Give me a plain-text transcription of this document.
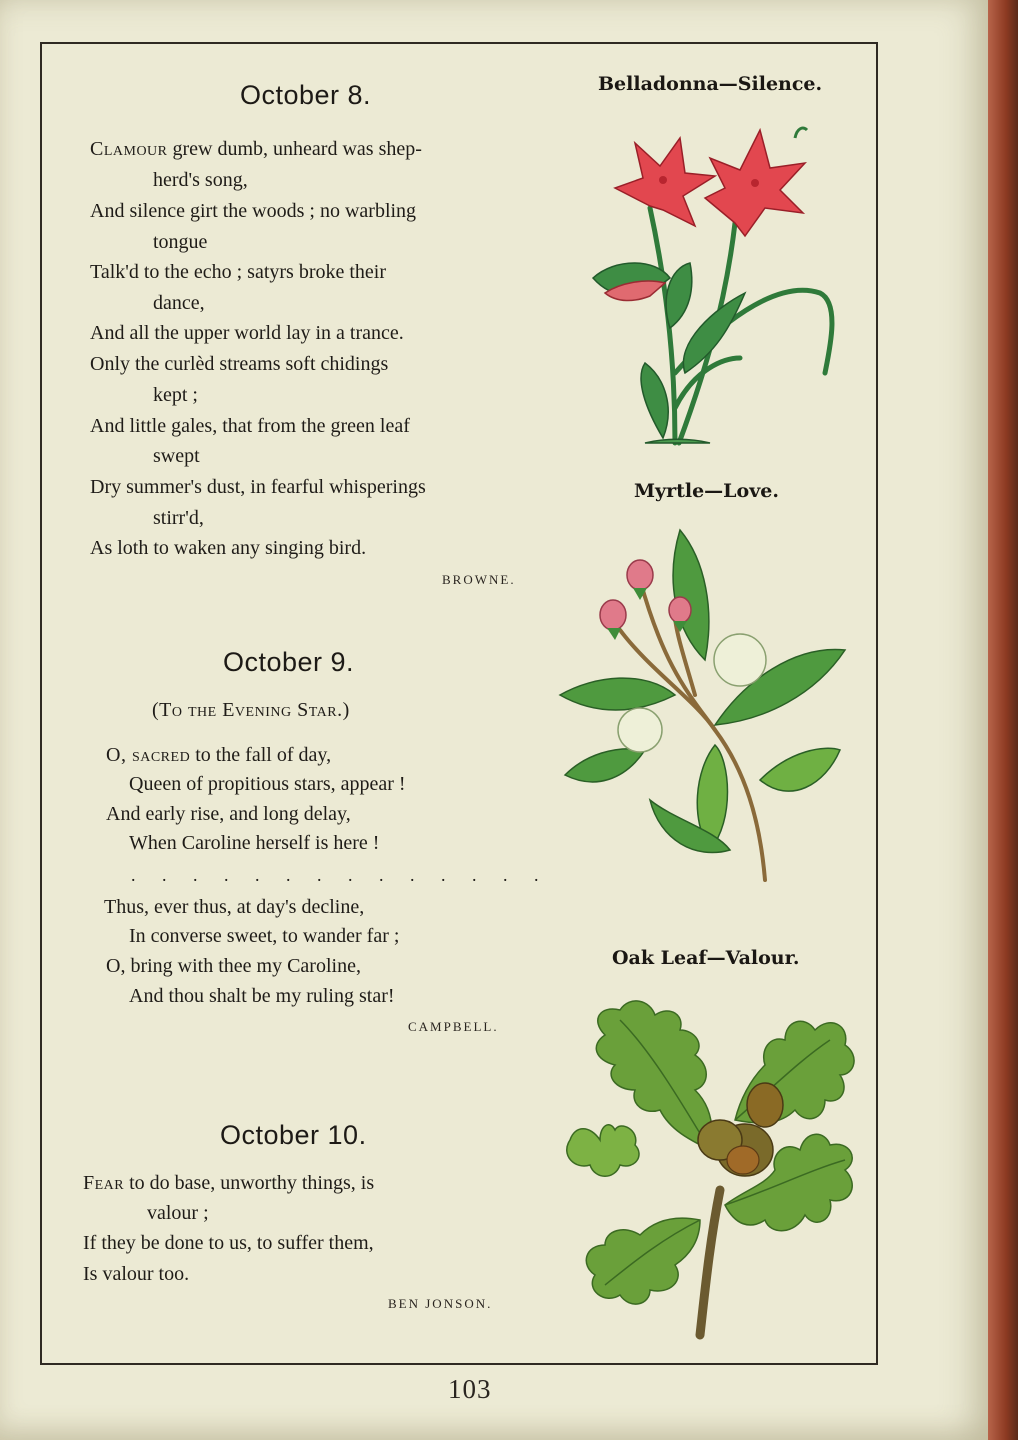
October 8.
Clamour grew dumb, unheard was shep-
herd's song,
And silence girt the woods ; no warbling
tongue
Talk'd to the echo ; satyrs broke their
dance,
And all the upper world lay in a trance.
Only the curlèd streams soft chidings
kept ;
And little gales, that from the green leaf
swept
Dry summer's dust, in fearful whisperings
stirr'd,
As loth to waken any singing bird.
BROWNE.
October 9.
(To the Evening Star.)
O, sacred to the fall of day,
Queen of propitious stars, appear !
And early rise, and long delay,
When Caroline herself is here !
. . . . . . . . . . . . . .
Thus, ever thus, at day's decline,
In converse sweet, to wander far ;
O, bring with thee my Caroline,
And thou shalt be my ruling star!
CAMPBELL.
October 10.
Fear to do base, unworthy things, is
valour ;
If they be done to us, to suffer them,
Is valour too.
BEN JONSON.
Belladonna—Silence.
Myrtle—Love.
Oak Leaf—Valour.
103
